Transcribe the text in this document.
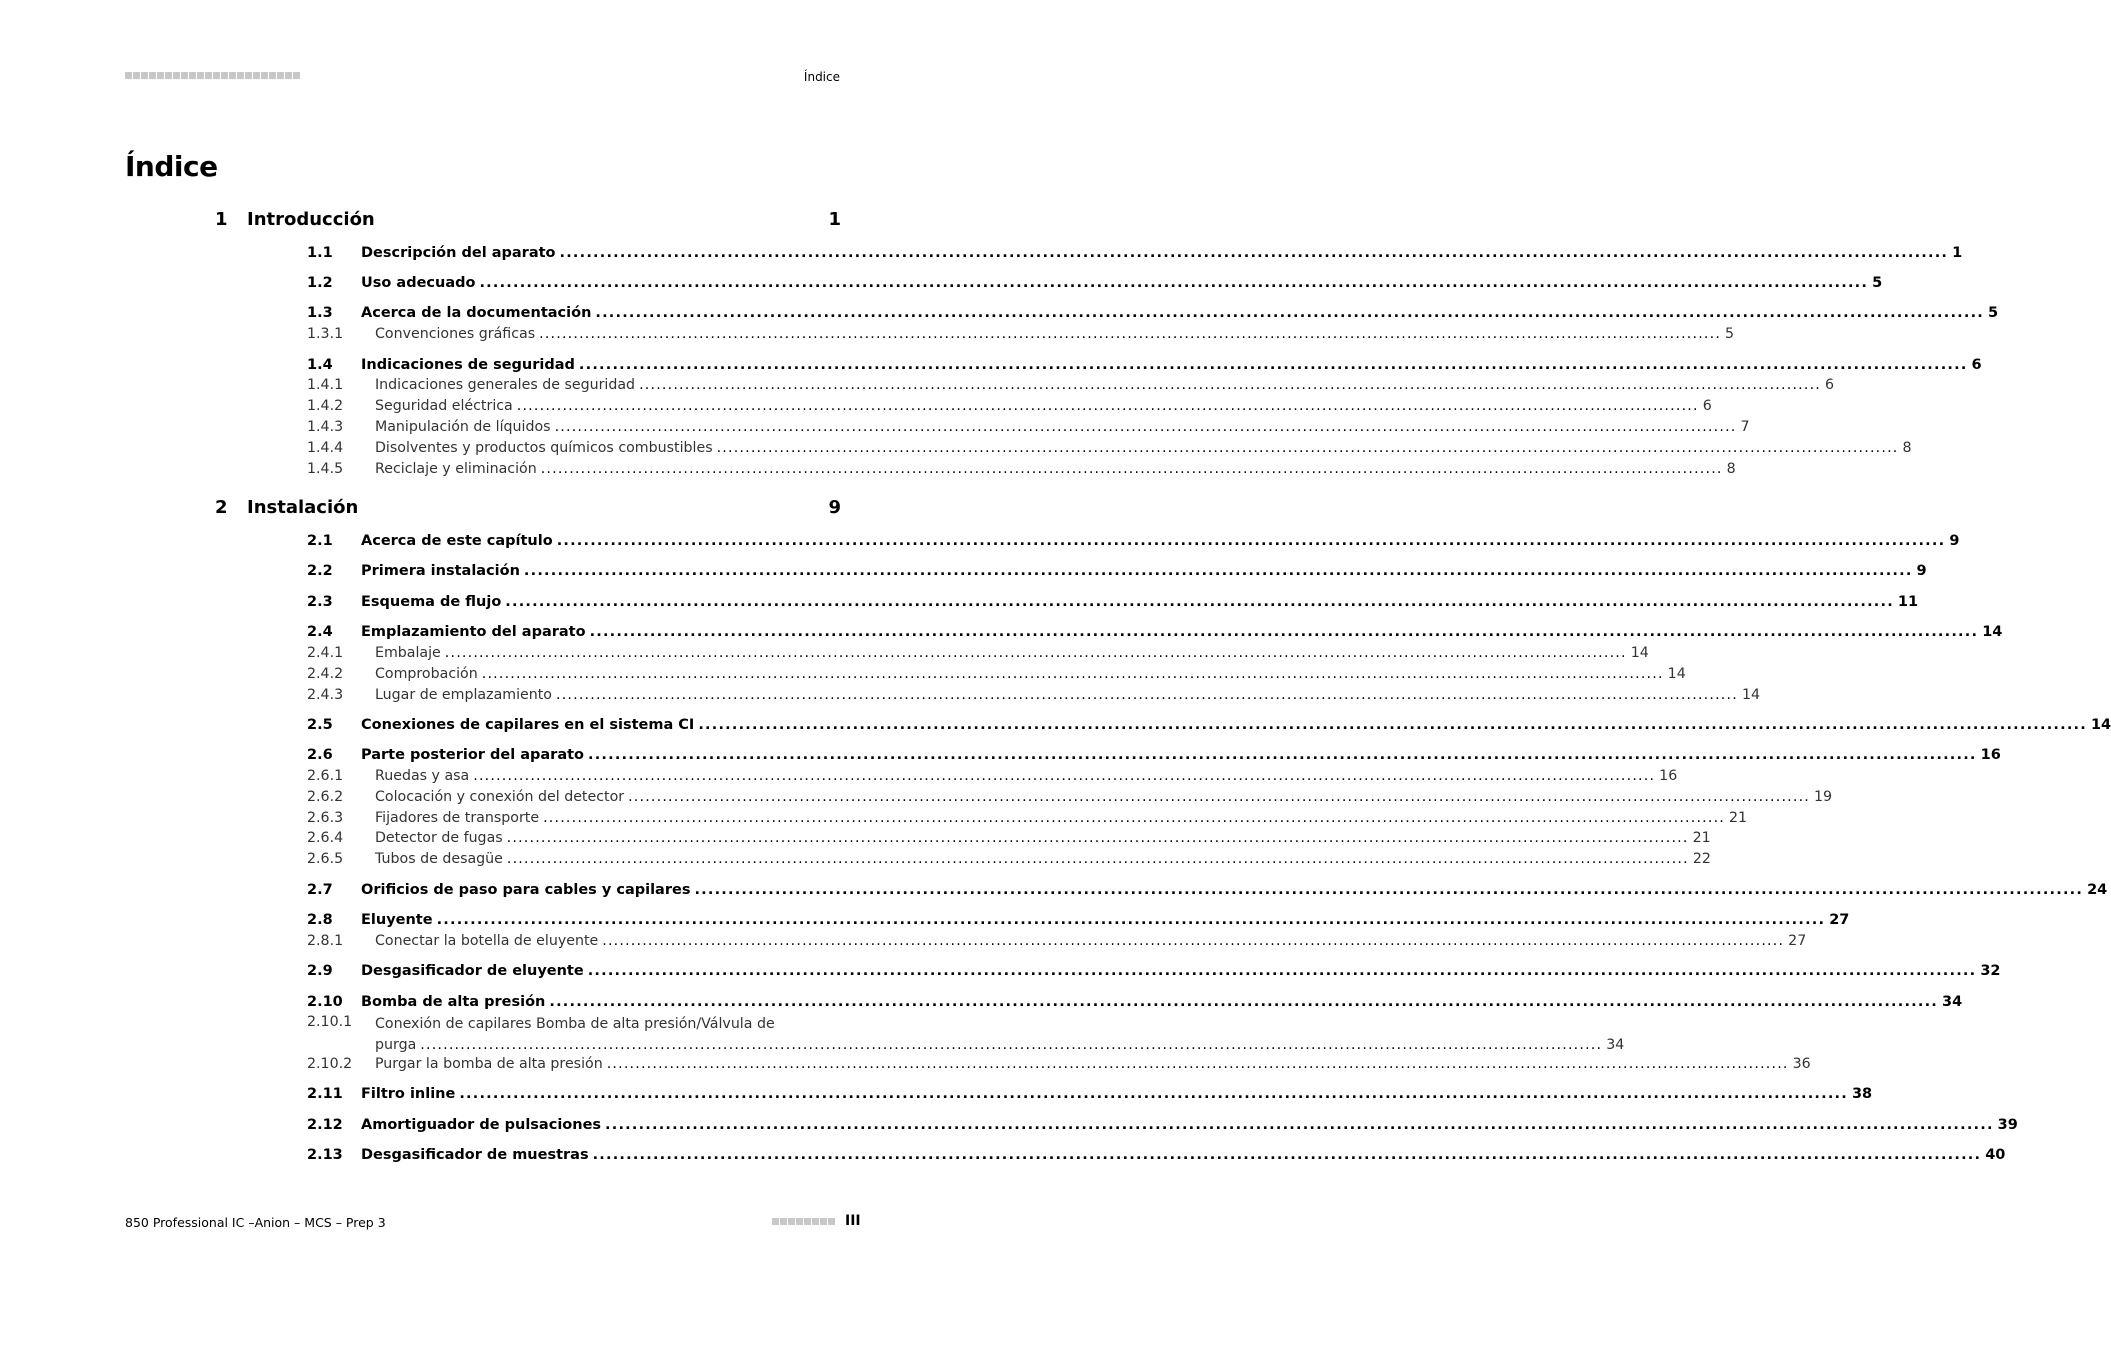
Índice
Índice
1	Introducción	1
1.1	Descripción del aparato .....	1
1.2	Uso adecuado .....	5
1.3	Acerca de la documentación .....	5
1.3.1	Convenciones gráficas .....	5
1.4	Indicaciones de seguridad .....	6
1.4.1	Indicaciones generales de seguridad .....	6
1.4.2	Seguridad eléctrica .....	6
1.4.3	Manipulación de líquidos .....	7
1.4.4	Disolventes y productos químicos combustibles .....	8
1.4.5	Reciclaje y eliminación .....	8
2	Instalación	9
2.1	Acerca de este capítulo .....	9
2.2	Primera instalación .....	9
2.3	Esquema de flujo .....	11
2.4	Emplazamiento del aparato .....	14
2.4.1	Embalaje .....	14
2.4.2	Comprobación .....	14
2.4.3	Lugar de emplazamiento .....	14
2.5	Conexiones de capilares en el sistema CI .....	14
2.6	Parte posterior del aparato .....	16
2.6.1	Ruedas y asa .....	16
2.6.2	Colocación y conexión del detector .....	19
2.6.3	Fijadores de transporte .....	21
2.6.4	Detector de fugas .....	21
2.6.5	Tubos de desagüe .....	22
2.7	Orificios de paso para cables y capilares .....	24
2.8	Eluyente .....	27
2.8.1	Conectar la botella de eluyente .....	27
2.9	Desgasificador de eluyente .....	32
2.10	Bomba de alta presión .....	34
2.10.1	Conexión de capilares Bomba de alta presión/Válvula de
purga .....	34
2.10.2	Purgar la bomba de alta presión .....	36
2.11	Filtro inline .....	38
2.12	Amortiguador de pulsaciones .....	39
2.13	Desgasificador de muestras .....	40
850 Professional IC –Anion – MCS – Prep 3	III
